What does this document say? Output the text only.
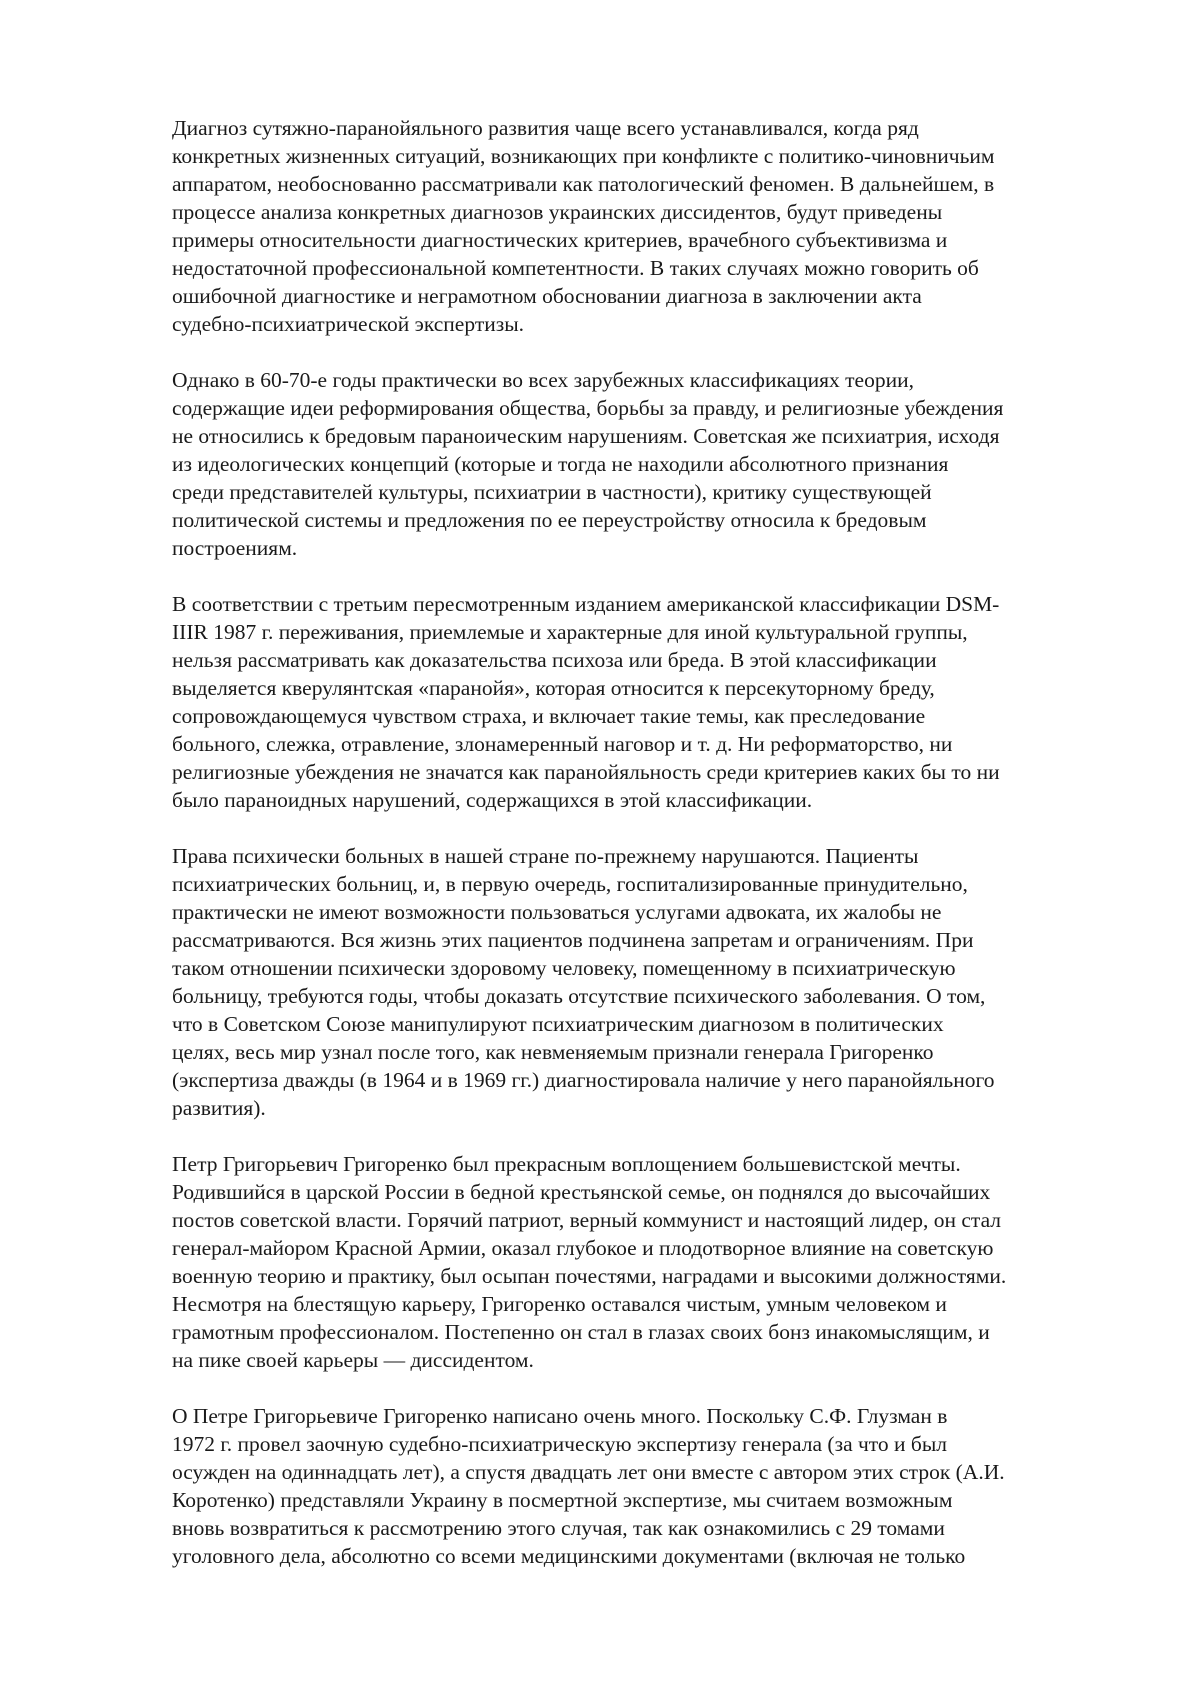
Диагноз сутяжно-паранойяльного развития чаще всего устанавливался, когда ряд
конкретных жизненных ситуаций, возникающих при конфликте с политико-чиновничьим
аппаратом, необоснованно рассматривали как патологический феномен. В дальнейшем, в
процессе анализа конкретных диагнозов украинских диссидентов, будут приведены
примеры относительности диагностических критериев, врачебного субъективизма и
недостаточной профессиональной компетентности. В таких случаях можно говорить об
ошибочной диагностике и неграмотном обосновании диагноза в заключении акта
судебно-психиатрической экспертизы.

Однако в 60-70-е годы практически во всех зарубежных классификациях теории,
содержащие идеи реформирования общества, борьбы за правду, и религиозные убеждения
не относились к бредовым параноическим нарушениям. Советская же психиатрия, исходя
из идеологических концепций (которые и тогда не находили абсолютного признания
среди представителей культуры, психиатрии в частности), критику существующей
политической системы и предложения по ее переустройству относила к бредовым
построениям.

В соответствии с третьим пересмотренным изданием американской классификации DSM-
IIIR 1987 г. переживания, приемлемые и характерные для иной культуральной группы,
нельзя рассматривать как доказательства психоза или бреда. В этой классификации
выделяется кверулянтская «паранойя», которая относится к персекуторному бреду,
сопровождающемуся чувством страха, и включает такие темы, как преследование
больного, слежка, отравление, злонамеренный наговор и т. д. Ни реформаторство, ни
религиозные убеждения не значатся как паранойяльность среди критериев каких бы то ни
было параноидных нарушений, содержащихся в этой классификации.

Права психически больных в нашей стране по-прежнему нарушаются. Пациенты
психиатрических больниц, и, в первую очередь, госпитализированные принудительно,
практически не имеют возможности пользоваться услугами адвоката, их жалобы не
рассматриваются. Вся жизнь этих пациентов подчинена запретам и ограничениям. При
таком отношении психически здоровому человеку, помещенному в психиатрическую
больницу, требуются годы, чтобы доказать отсутствие психического заболевания. О том,
что в Советском Союзе манипулируют психиатрическим диагнозом в политических
целях, весь мир узнал после того, как невменяемым признали генерала Григоренко
(экспертиза дважды (в 1964 и в 1969 гг.) диагностировала наличие у него паранойяльного
развития).

Петр Григорьевич Григоренко был прекрасным воплощением большевистской мечты.
Родившийся в царской России в бедной крестьянской семье, он поднялся до высочайших
постов советской власти. Горячий патриот, верный коммунист и настоящий лидер, он стал
генерал-майором Красной Армии, оказал глубокое и плодотворное влияние на советскую
военную теорию и практику, был осыпан почестями, наградами и высокими должностями.
Несмотря на блестящую карьеру, Григоренко оставался чистым, умным человеком и
грамотным профессионалом. Постепенно он стал в глазах своих бонз инакомыслящим, и
на пике своей карьеры — диссидентом.

О Петре Григорьевиче Григоренко написано очень много. Поскольку С.Ф. Глузман в
1972 г. провел заочную судебно-психиатрическую экспертизу генерала (за что и был
осужден на одиннадцать лет), а спустя двадцать лет они вместе с автором этих строк (А.И.
Коротенко) представляли Украину в посмертной экспертизе, мы считаем возможным
вновь возвратиться к рассмотрению этого случая, так как ознакомились с 29 томами
уголовного дела, абсолютно со всеми медицинскими документами (включая не только
